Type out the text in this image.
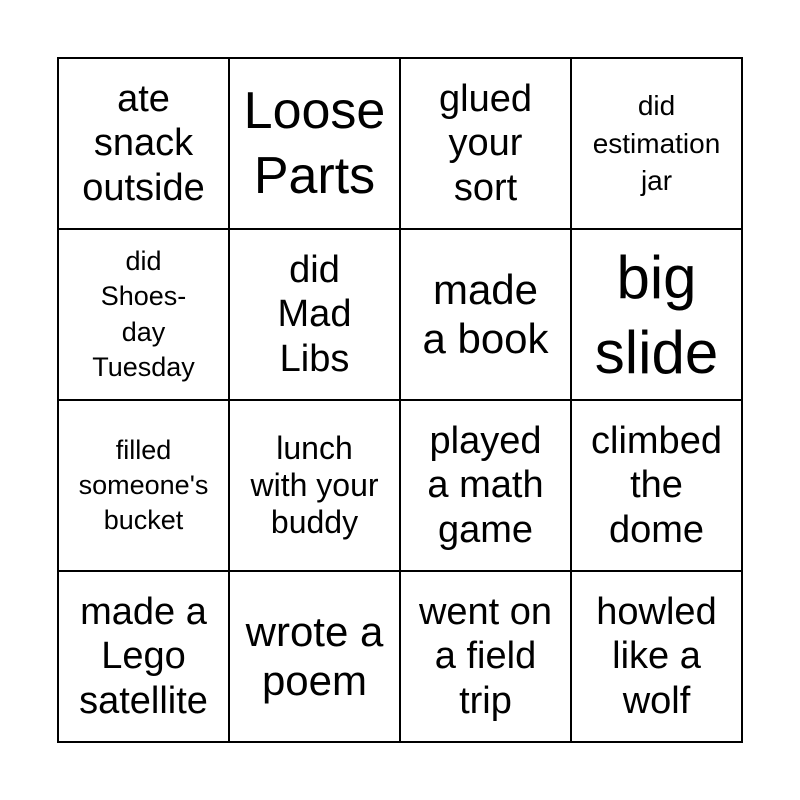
ate
snack
outside
Loose
Parts
glued
your
sort
did
estimation
jar
did
Shoes-
day
Tuesday
did
Mad
Libs
made
a book
big
slide
filled
someone's
bucket
lunch
with your
buddy
played
a math
game
climbed
the
dome
made a
Lego
satellite
wrote a
poem
went on
a field
trip
howled
like a
wolf
